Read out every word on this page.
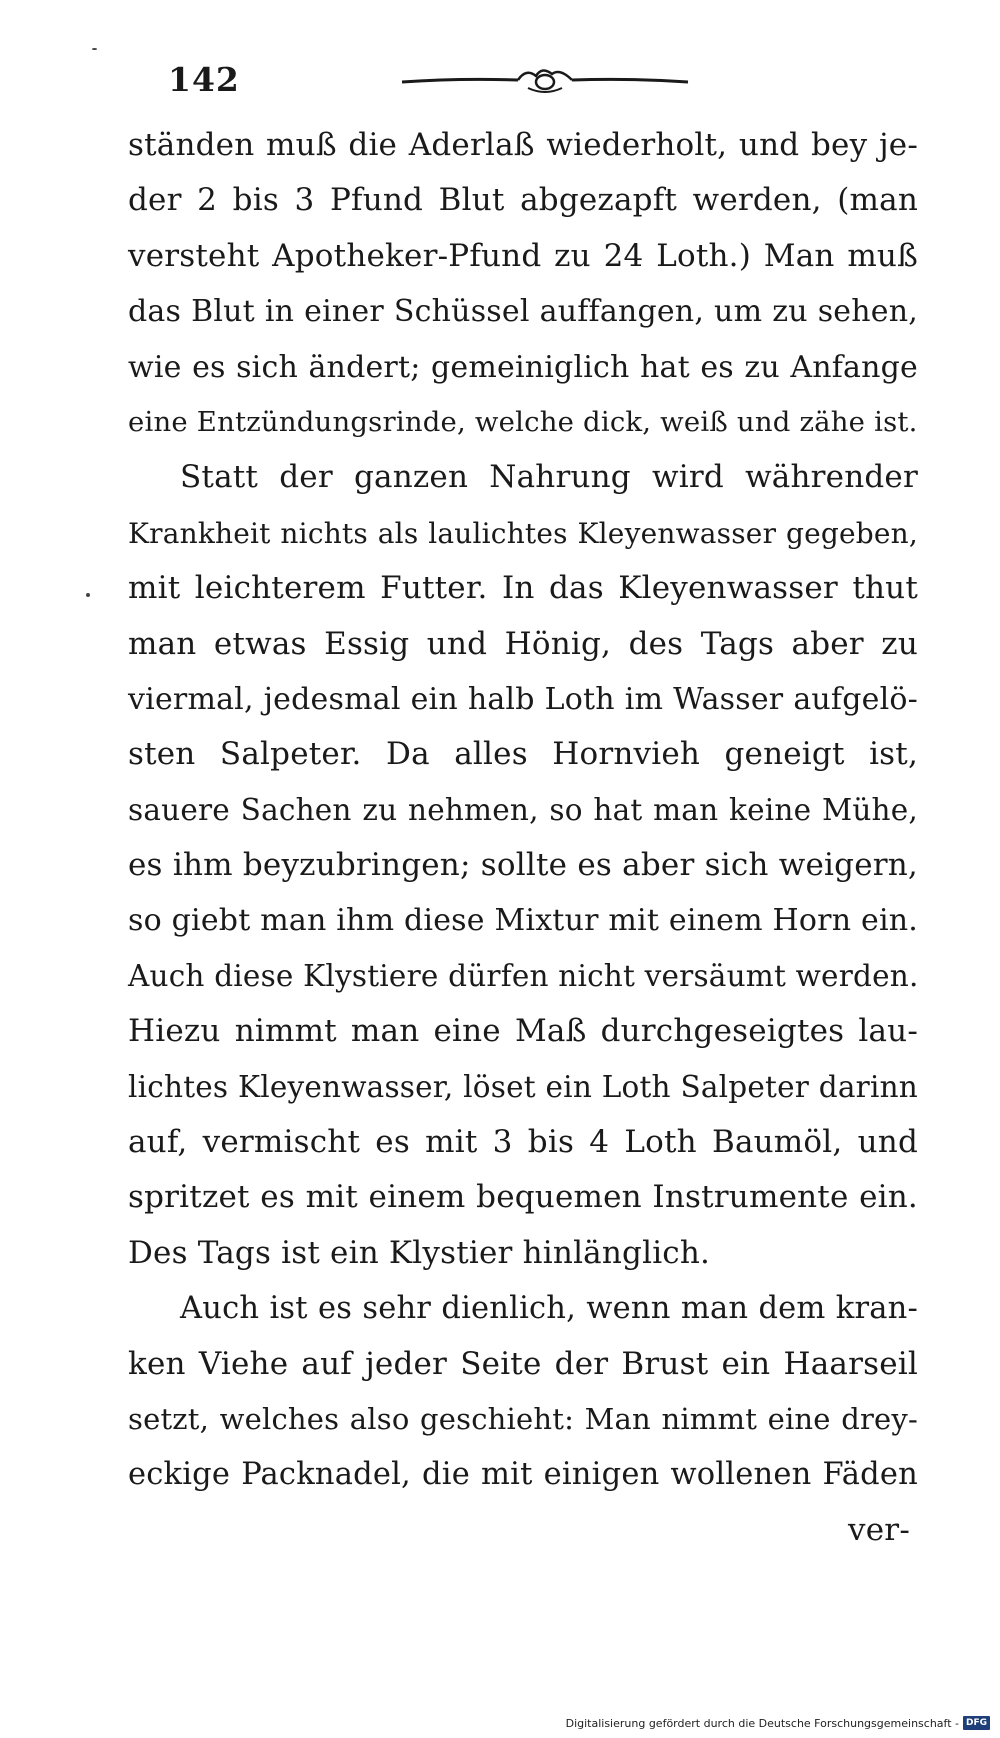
142
ständen muß die Aderlaß wiederholt, und bey je-
der 2 bis 3 Pfund Blut abgezapft werden, (man
versteht Apotheker-Pfund zu 24 Loth.) Man muß
das Blut in einer Schüssel auffangen, um zu sehen,
wie es sich ändert; gemeiniglich hat es zu Anfange
eine Entzündungsrinde, welche dick, weiß und zähe ist.
Statt der ganzen Nahrung wird währender
Krankheit nichts als laulichtes Kleyenwasser gegeben,
mit leichterem Futter. In das Kleyenwasser thut
man etwas Essig und Hönig, des Tags aber zu
viermal, jedesmal ein halb Loth im Wasser aufgelö-
sten Salpeter. Da alles Hornvieh geneigt ist,
sauere Sachen zu nehmen, so hat man keine Mühe,
es ihm beyzubringen; sollte es aber sich weigern,
so giebt man ihm diese Mixtur mit einem Horn ein.
Auch diese Klystiere dürfen nicht versäumt werden.
Hiezu nimmt man eine Maß durchgeseigtes lau-
lichtes Kleyenwasser, löset ein Loth Salpeter darinn
auf, vermischt es mit 3 bis 4 Loth Baumöl, und
spritzet es mit einem bequemen Instrumente ein.
Des Tags ist ein Klystier hinlänglich.
Auch ist es sehr dienlich, wenn man dem kran-
ken Viehe auf jeder Seite der Brust ein Haarseil
setzt, welches also geschieht: Man nimmt eine drey-
eckige Packnadel, die mit einigen wollenen Fäden
ver-
Digitalisierung gefördert durch die Deutsche Forschungsgemeinschaft - DFG
